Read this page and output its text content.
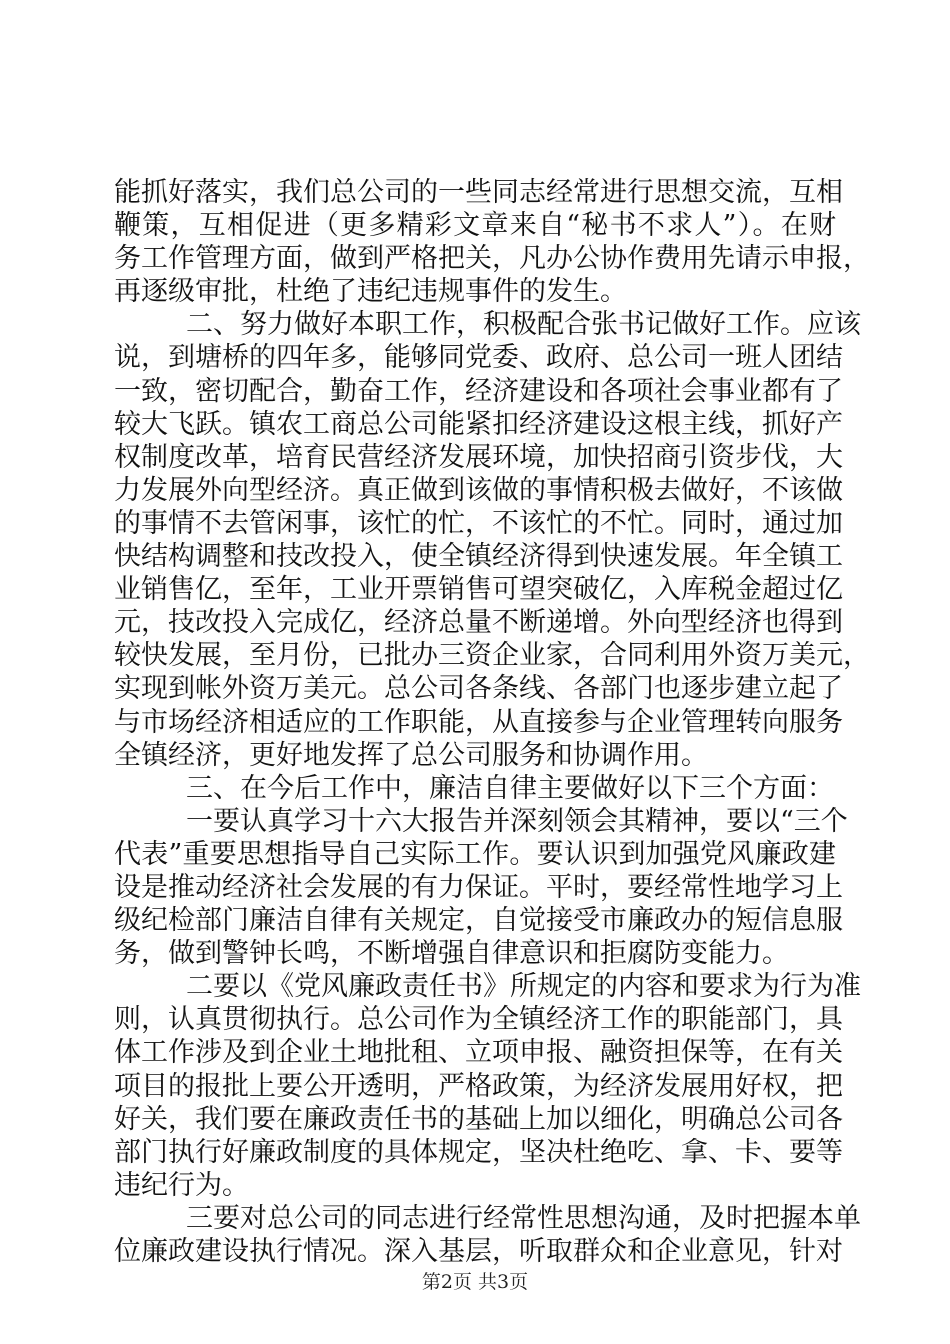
能抓好落实，我们总公司的一些同志经常进行思想交流，互相
鞭策，互相促进（更多精彩文章来自“秘书不求人”）。在财
务工作管理方面，做到严格把关，凡办公协作费用先请示申报，
再逐级审批，杜绝了违纪违规事件的发生。
二、努力做好本职工作，积极配合张书记做好工作。应该
说，到塘桥的四年多，能够同党委、政府、总公司一班人团结
一致，密切配合，勤奋工作，经济建设和各项社会事业都有了
较大飞跃。镇农工商总公司能紧扣经济建设这根主线，抓好产
权制度改革，培育民营经济发展环境，加快招商引资步伐，大
力发展外向型经济。真正做到该做的事情积极去做好，不该做
的事情不去管闲事，该忙的忙，不该忙的不忙。同时，通过加
快结构调整和技改投入，使全镇经济得到快速发展。年全镇工
业销售亿，至年，工业开票销售可望突破亿，入库税金超过亿
元，技改投入完成亿，经济总量不断递增。外向型经济也得到
较快发展，至月份，已批办三资企业家，合同利用外资万美元，
实现到帐外资万美元。总公司各条线、各部门也逐步建立起了
与市场经济相适应的工作职能，从直接参与企业管理转向服务
全镇经济，更好地发挥了总公司服务和协调作用。
三、在今后工作中，廉洁自律主要做好以下三个方面：
一要认真学习十六大报告并深刻领会其精神，要以“三个
代表”重要思想指导自己实际工作。要认识到加强党风廉政建
设是推动经济社会发展的有力保证。平时，要经常性地学习上
级纪检部门廉洁自律有关规定，自觉接受市廉政办的短信息服
务，做到警钟长鸣，不断增强自律意识和拒腐防变能力。
二要以《党风廉政责任书》所规定的内容和要求为行为准
则，认真贯彻执行。总公司作为全镇经济工作的职能部门，具
体工作涉及到企业土地批租、立项申报、融资担保等，在有关
项目的报批上要公开透明，严格政策，为经济发展用好权，把
好关，我们要在廉政责任书的基础上加以细化，明确总公司各
部门执行好廉政制度的具体规定，坚决杜绝吃、拿、卡、要等
违纪行为。
三要对总公司的同志进行经常性思想沟通，及时把握本单
位廉政建设执行情况。深入基层，听取群众和企业意见，针对
第2页 共3页
